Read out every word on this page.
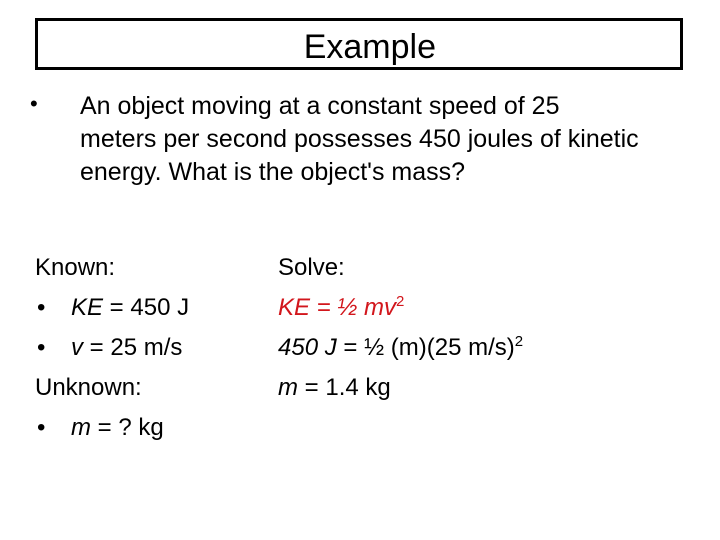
Example
• An object moving at a constant speed of 25 meters per second possesses 450 joules of kinetic energy. What is the object's mass?

Known:
• KE = 450 J
• v = 25 m/s
Unknown:
• m = ? kg
Solve:
KE = ½ $mv^2$
450 J = ½ (m)(25 m/s)$^2$
m = 1.4 kg
